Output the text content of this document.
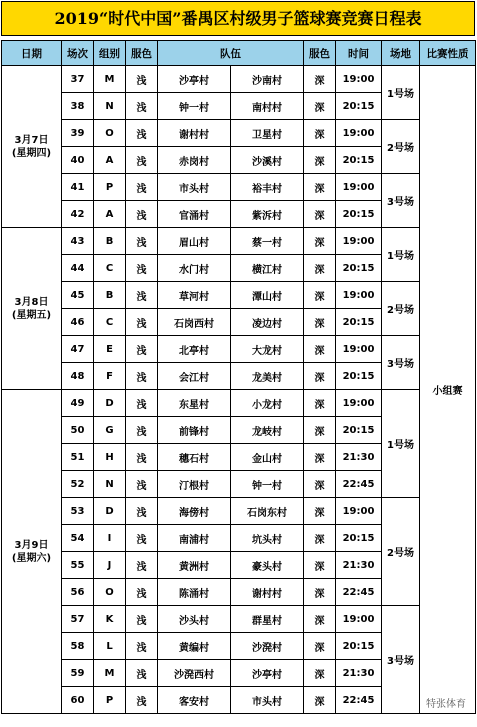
2019“时代中国”番禺区村级男子篮球赛竞赛日程表
日期	场次	组别	服色	队伍		服色	时间	场地	比赛性质

3月7日
(星期四)	37	M	浅	沙亭村	沙南村	深	19:00	1号场	小组赛
	38	N	浅	钟一村	南村村	深	20:15		
	39	O	浅	谢村村	卫星村	深	19:00	2号场	
	40	A	浅	赤岗村	沙溪村	深	20:15		
	41	P	浅	市头村	裕丰村	深	19:00	3号场	
	42	A	浅	官涌村	紫泝村	深	20:15		

3月8日
(星期五)	43	B	浅	眉山村	蔡一村	深	19:00	1号场	
	44	C	浅	水门村	横江村	深	20:15		
	45	B	浅	草河村	潭山村	深	19:00	2号场	
	46	C	浅	石岗西村	凌边村	深	20:15		
	47	E	浅	北亭村	大龙村	深	19:00	3号场	
	48	F	浅	会江村	龙美村	深	20:15		

3月9日
(星期六)	49	D	浅	东星村	小龙村	深	19:00	1号场	
	50	G	浅	前锋村	龙岐村	深	20:15		
	51	H	浅	穗石村	金山村	深	21:30		
	52	N	浅	汀根村	钟一村	深	22:45		
	53	D	浅	海傍村	石岗东村	深	19:00	2号场	
	54	I	浅	南浦村	坑头村	深	20:15		
	55	J	浅	黄洲村	豪头村	深	21:30		
	56	O	浅	陈涌村	谢村村	深	22:45		
	57	K	浅	沙头村	群星村	深	19:00	3号场	
	58	L	浅	黄编村	沙溌村	深	20:15		
	59	M	浅	沙溌西村	沙亭村	深	21:30		
	60	P	浅	客安村	市头村	深	22:45			特张体育
